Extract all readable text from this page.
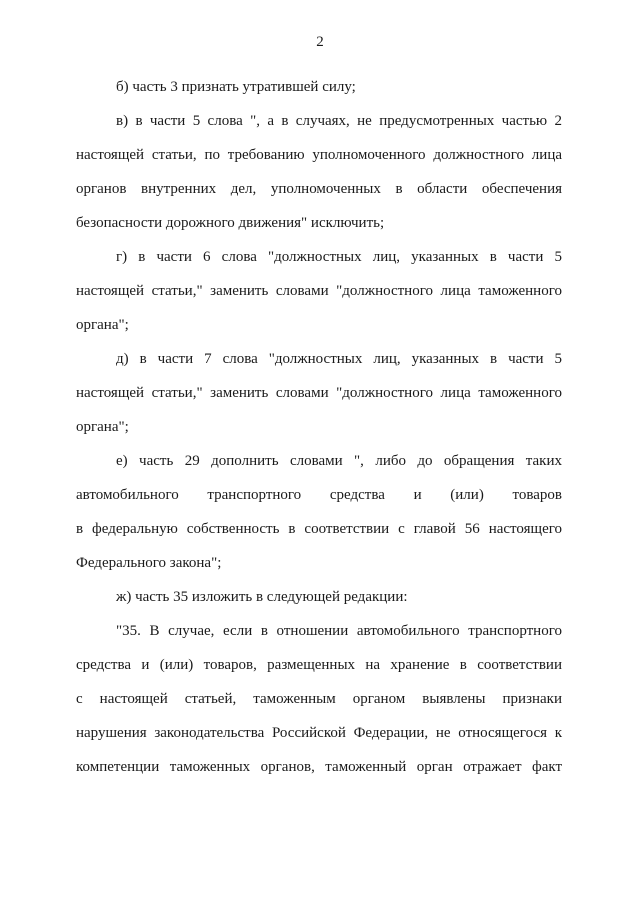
2
б) часть 3 признать утратившей силу;
в) в части 5 слова ", а в случаях, не предусмотренных частью 2
настоящей статьи, по требованию уполномоченного должностного лица
органов внутренних дел, уполномоченных в области обеспечения
безопасности дорожного движения" исключить;
г) в части 6 слова "должностных лиц, указанных в части 5
настоящей статьи," заменить словами "должностного лица таможенного
органа";
д) в части 7 слова "должностных лиц, указанных в части 5
настоящей статьи," заменить словами "должностного лица таможенного
органа";
е) часть 29 дополнить словами ", либо до обращения таких
автомобильного транспортного средства и (или) товаров
в федеральную собственность в соответствии с главой 56 настоящего
Федерального закона";
ж) часть 35 изложить в следующей редакции:
"35. В случае, если в отношении автомобильного транспортного
средства и (или) товаров, размещенных на хранение в соответствии
с настоящей статьей, таможенным органом выявлены признаки
нарушения законодательства Российской Федерации, не относящегося к
компетенции таможенных органов, таможенный орган отражает факт
